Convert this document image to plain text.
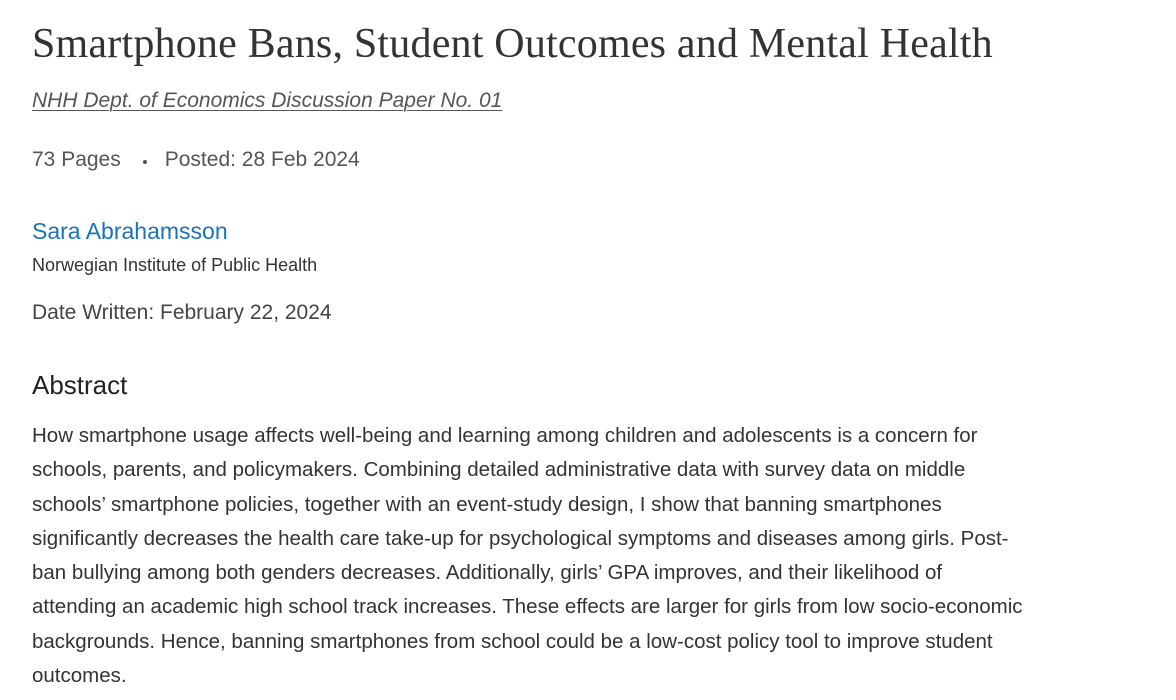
Smartphone Bans, Student Outcomes and Mental Health
NHH Dept. of Economics Discussion Paper No. 01
73 Pages Posted: 28 Feb 2024
Sara Abrahamsson
Norwegian Institute of Public Health
Date Written: February 22, 2024
Abstract

How smartphone usage affects well-being and learning among children and adolescents is a concern for
schools, parents, and policymakers. Combining detailed administrative data with survey data on middle
schools’ smartphone policies, together with an event-study design, I show that banning smartphones
significantly decreases the health care take-up for psychological symptoms and diseases among girls. Post-
ban bullying among both genders decreases. Additionally, girls’ GPA improves, and their likelihood of
attending an academic high school track increases. These effects are larger for girls from low socio-economic
backgrounds. Hence, banning smartphones from school could be a low-cost policy tool to improve student
outcomes.
